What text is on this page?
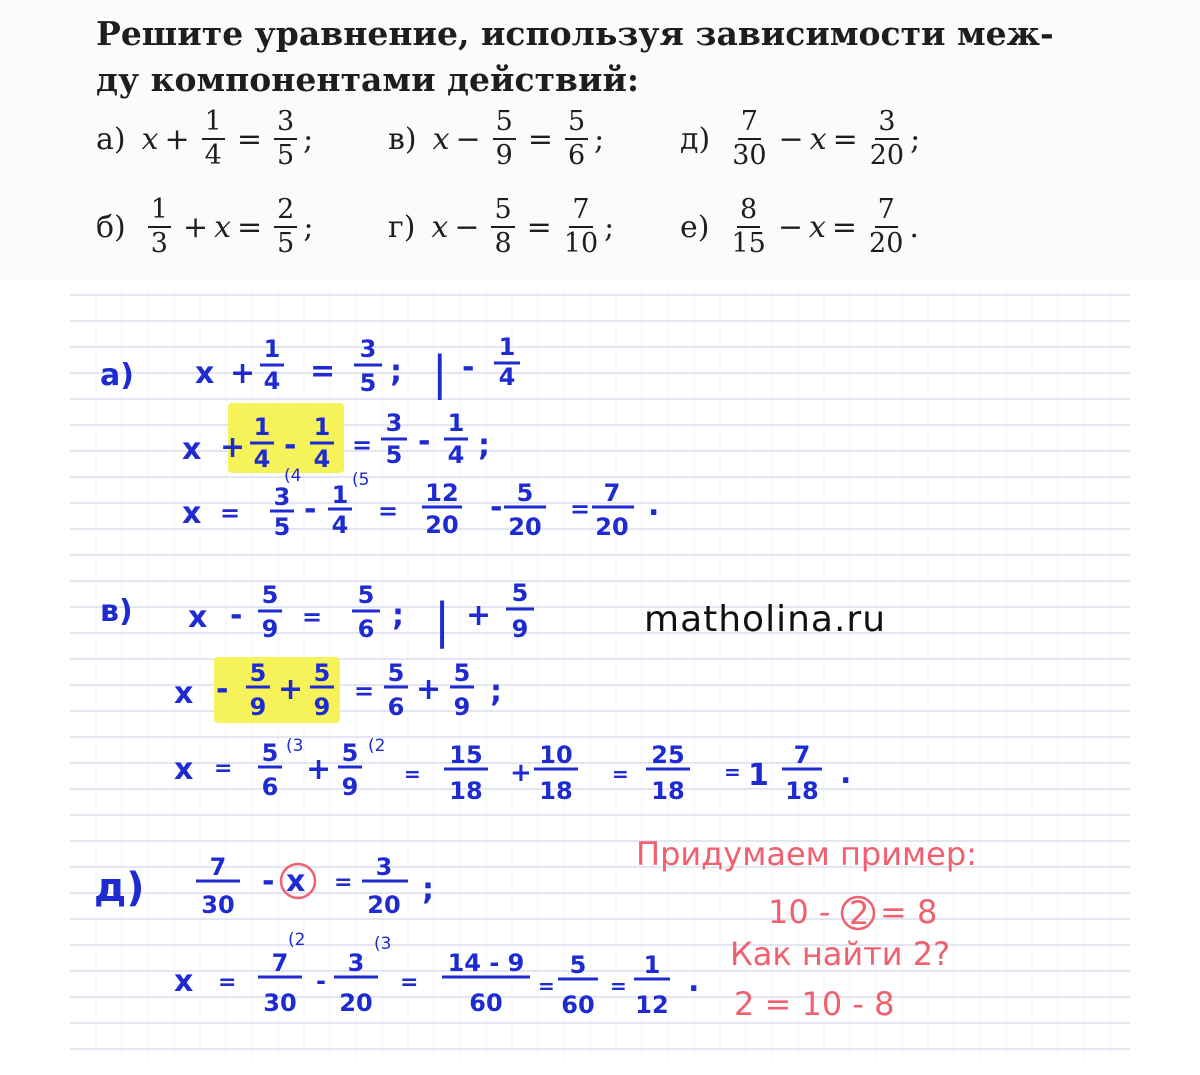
Решите уравнение, используя зависимости меж-
ду компонентами действий:
а) $x + \frac{1}{4} = \frac{3}{5}$ ; в) $x - \frac{5}{9} = \frac{5}{6}$ ;	$д) \frac{7}{30} - x = \frac{3}{20}$ ;
$б) \frac{1}{3} + x = \frac{2}{5}$ ; г) $x - \frac{5}{8} = \frac{7}{10}$ ; $е) \frac{8}{15} - x = \frac{7}{20}$ .
а) x +
1
4 =
3
5 ; | -
1
4
x +
1
4 -
1
4 =
3
5 -
1
4 ;
x =
3
5
(4
- 1
4
(5
=
12
20 - 5
20
=
7
20
.
в) x -
5
9 =
5
6 ; | +
5
9
x - 5
9 + 5
9
=
5
6 + 5
9 ;
x =
5
6
(3
+ 5
9
(2
=
15
18
+
10
18
=
25
18
= 1
7
18 .
matholina.ru
д)	7
30
- x =
3
20 ;
x =
7
30
(2
-
3
20
(3
=
14 - 9
60
=
5
60
=
1
12
.
Придумаем пример:
10 - 2 = 8
Как найти 2?
2 = 10 - 8
